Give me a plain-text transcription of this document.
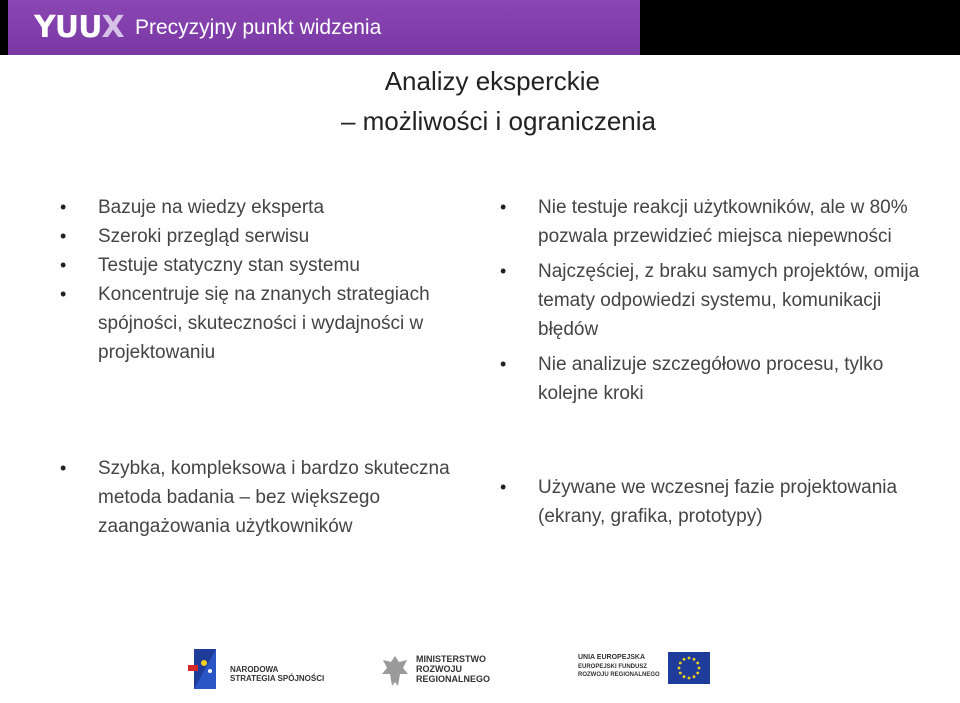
YUUX Precyzyjny punkt widzenia
Analizy eksperckie
– możliwości i ograniczenia
• Bazuje na wiedzy eksperta
• Szeroki przegląd serwisu
• Testuje statyczny stan systemu
• Koncentruje się na znanych strategiach spójności, skuteczności i wydajności w projektowaniu
• Szybka, kompleksowa i bardzo skuteczna metoda badania – bez większego zaangażowania użytkowników
• Nie testuje reakcji użytkowników, ale w 80% pozwala przewidzieć miejsca niepewności
• Najczęściej, z braku samych projektów, omija tematy odpowiedzi systemu, komunikacji błędów
• Nie analizuje szczegółowo procesu, tylko kolejne kroki
• Używane we wczesnej fazie projektowania (ekrany, grafika, prototypy)
NARODOWA
STRATEGIA SPÓJNOŚCI
MINISTERSTWO
ROZWOJU
REGIONALNEGO
UNIA EUROPEJSKA
EUROPEJSKI FUNDUSZ
ROZWOJU REGIONALNEGO
